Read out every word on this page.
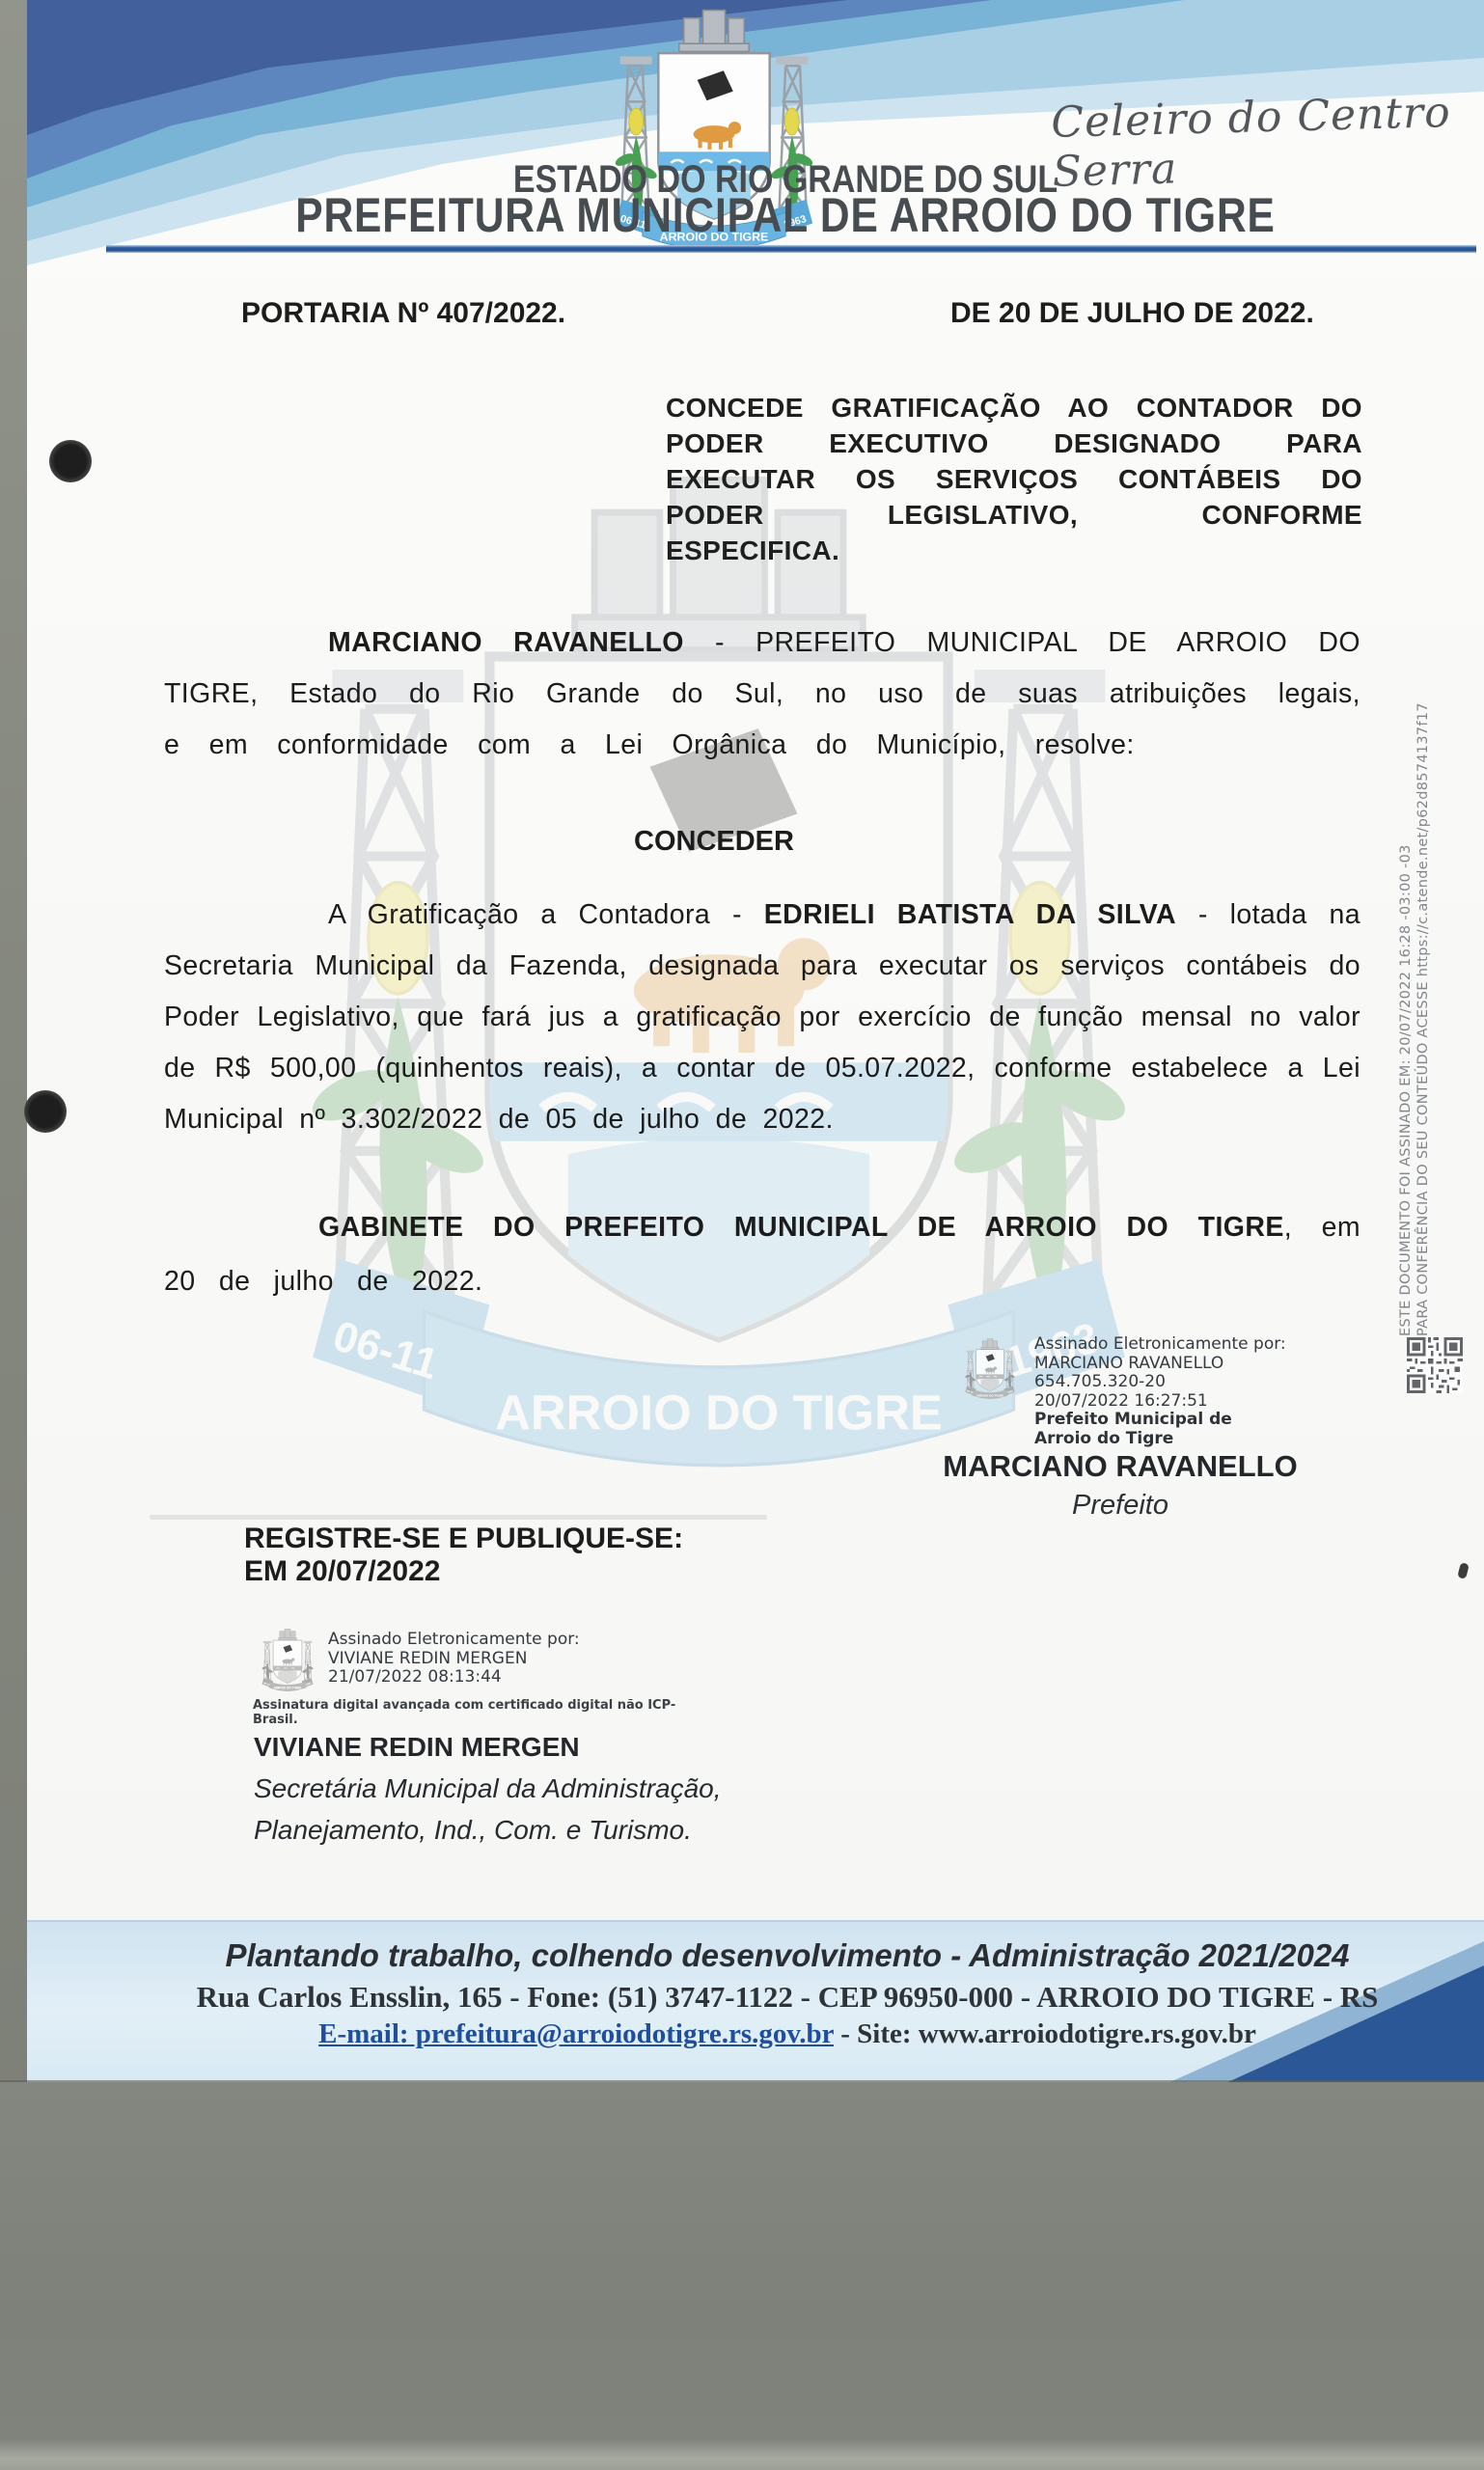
Celeiro do Centro Serra
ESTADO DO RIO GRANDE DO SUL
PREFEITURA MUNICIPAL DE ARROIO DO TIGRE
PORTARIA Nº 407/2022.	DE 20 DE JULHO DE 2022.
CONCEDE GRATIFICAÇÃO AO CONTADOR DO PODER EXECUTIVO DESIGNADO PARA EXECUTAR OS SERVIÇOS CONTÁBEIS DO PODER LEGISLATIVO, CONFORME ESPECIFICA.

MARCIANO RAVANELLO - PREFEITO MUNICIPAL DE ARROIO DO TIGRE, Estado do Rio Grande do Sul, no uso de suas atribuições legais, e em conformidade com a Lei Orgânica do Município, resolve:

CONCEDER

A Gratificação a Contadora - EDRIELI BATISTA DA SILVA - lotada na Secretaria Municipal da Fazenda, designada para executar os serviços contábeis do Poder Legislativo, que fará jus a gratificação por exercício de função mensal no valor de R$ 500,00 (quinhentos reais), a contar de 05.07.2022, conforme estabelece a Lei Municipal nº 3.302/2022 de 05 de julho de 2022.

GABINETE DO PREFEITO MUNICIPAL DE ARROIO DO TIGRE, em 20 de julho de 2022.

Assinado Eletronicamente por:
MARCIANO RAVANELLO
654.705.320-20
20/07/2022 16:27:51
Prefeito Municipal de
Arroio do Tigre
MARCIANO RAVANELLO
Prefeito
REGISTRE-SE E PUBLIQUE-SE:
EM 20/07/2022
Assinado Eletronicamente por:
VIVIANE REDIN MERGEN
21/07/2022 08:13:44
Assinatura digital avançada com certificado digital não ICP-Brasil.
VIVIANE REDIN MERGEN
Secretária Municipal da Administração,
Planejamento, Ind., Com. e Turismo.
ESTE DOCUMENTO FOI ASSINADO EM: 20/07/2022 16:28 -03:00 -03 PARA CONFERÊNCIA DO SEU CONTEÚDO ACESSE https://c.atende.net/p62d8574137f17
Plantando trabalho, colhendo desenvolvimento - Administração 2021/2024
Rua Carlos Ensslin, 165 - Fone: (51) 3747-1122 - CEP 96950-000 - ARROIO DO TIGRE - RS
E-mail: prefeitura@arroiodotigre.rs.gov.br - Site: www.arroiodotigre.rs.gov.br
